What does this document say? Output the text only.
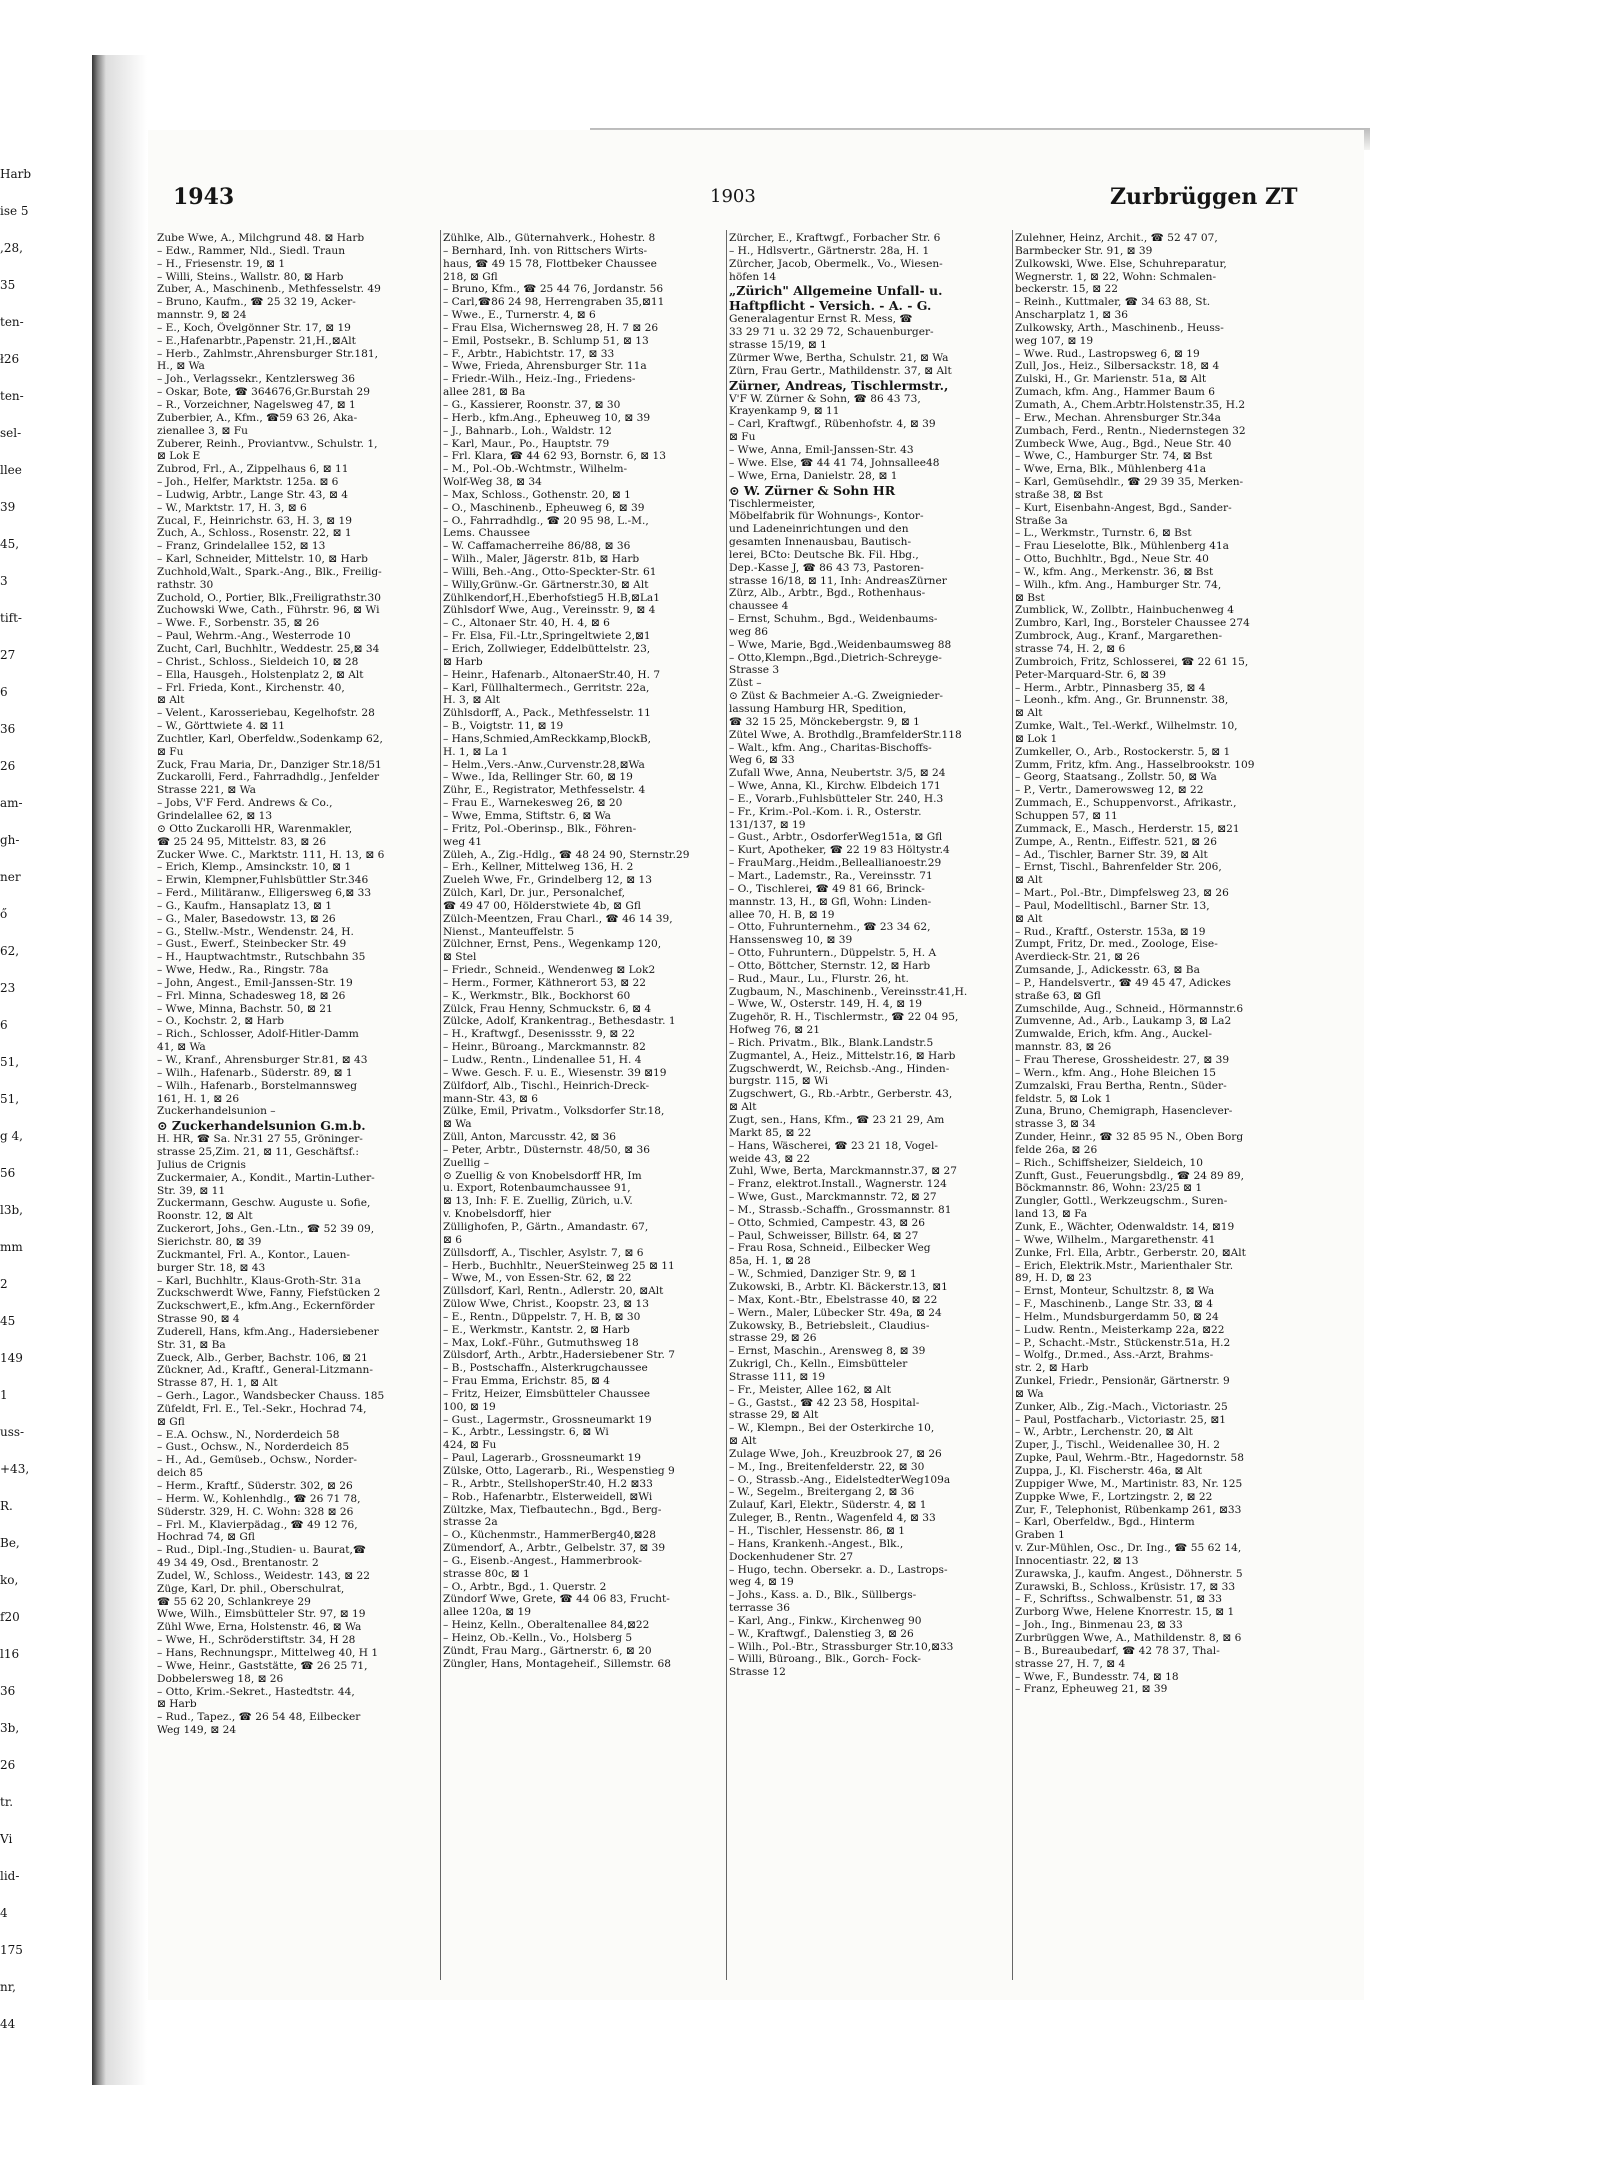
Harb
ise 5
,28,
35
ten-
ł26
ten-
sel-
llee
39
45,
3
tift-
27
6
36
26
am-
gh-
ner
ő
62,
23
6
51,
51,
g 4,
56
l3b,
mm
2
45
149
1
uss-
+43,
R.
Be,
ko,
f20
l16
36
3b,
26
tr.
Vi
lid-
4
175
nr,
44
1943	1903	Zurbrüggen ZT
Zube Wwe, A., Milchgrund 48. ⊠ Harb
– Edw., Rammer, Nld., Siedl. Traun
– H., Friesenstr. 19, ⊠ 1
– Willi, Steins., Wallstr. 80, ⊠ Harb
Zuber, A., Maschinenb., Methfesselstr. 49
– Bruno, Kaufm., ☎ 25 32 19, Acker-
mannstr. 9, ⊠ 24
– E., Koch, Övelgönner Str. 17, ⊠ 19
– E.,Hafenarbtr.,Papenstr. 21,H.,⊠Alt
– Herb., Zahlmstr.,Ahrensburger Str.181,
H., ⊠ Wa
– Joh., Verlagssekr., Kentzlersweg 36
– Oskar, Bote, ☎ 364676,Gr.Burstah 29
– R., Vorzeichner, Nagelsweg 47, ⊠ 1
Zuberbier, A., Kfm., ☎59 63 26, Aka-
zienallee 3, ⊠ Fu
Zuberer, Reinh., Proviantvw., Schulstr. 1,
⊠ Lok E
Zubrod, Frl., A., Zippelhaus 6, ⊠ 11
– Joh., Helfer, Marktstr. 125a. ⊠ 6
– Ludwig, Arbtr., Lange Str. 43, ⊠ 4
– W., Marktstr. 17, H. 3, ⊠ 6
Zucal, F., Heinrichstr. 63, H. 3, ⊠ 19
Zuch, A., Schloss., Rosenstr. 22, ⊠ 1
– Franz, Grindelallee 152, ⊠ 13
– Karl, Schneider, Mittelstr. 10, ⊠ Harb
Zuchhold,Walt., Spark.-Ang., Blk., Freilig-
rathstr. 30
Zuchold, O., Portier, Blk.,Freiligrathstr.30
Zuchowski Wwe, Cath., Führstr. 96, ⊠ Wi
– Wwe. F., Sorbenstr. 35, ⊠ 26
– Paul, Wehrm.-Ang., Westerrode 10
Zucht, Carl, Buchhltr., Weddestr. 25,⊠ 34
– Christ., Schloss., Sieldeich 10, ⊠ 28
– Ella, Hausgeh., Holstenplatz 2, ⊠ Alt
– Frl. Frieda, Kont., Kirchenstr. 40,
⊠ Alt
– Velent., Karosseriebau, Kegelhofstr. 28
– W., Görttwiete 4. ⊠ 11
Zuchtler, Karl, Oberfeldw.,Sodenkamp 62,
⊠ Fu
Zuck, Frau Maria, Dr., Danziger Str.18/51
Zuckarolli, Ferd., Fahrradhdlg., Jenfelder
Strasse 221, ⊠ Wa
– Jobs, V'F Ferd. Andrews & Co.,
Grindelallee 62, ⊠ 13
⊙ Otto Zuckarolli HR, Warenmakler,
☎ 25 24 95, Mittelstr. 83, ⊠ 26
Zucker Wwe. C., Marktstr. 111, H. 13, ⊠ 6
– Erich, Klemp., Amsinckstr. 10, ⊠ 1
– Erwin, Klempner,Fuhlsbüttler Str.346
– Ferd., Militäranw., Elligersweg 6,⊠ 33
– G., Kaufm., Hansaplatz 13, ⊠ 1
– G., Maler, Basedowstr. 13, ⊠ 26
– G., Stellw.-Mstr., Wendenstr. 24, H.
– Gust., Ewerf., Steinbecker Str. 49
– H., Hauptwachtmstr., Rutschbahn 35
– Wwe, Hedw., Ra., Ringstr. 78a
– John, Angest., Emil-Janssen-Str. 19
– Frl. Minna, Schadesweg 18, ⊠ 26
– Wwe, Minna, Bachstr. 50, ⊠ 21
– O., Kochstr. 2, ⊠ Harb
– Rich., Schlosser, Adolf-Hitler-Damm
41, ⊠ Wa
– W., Kranf., Ahrensburger Str.81, ⊠ 43
– Wilh., Hafenarb., Süderstr. 89, ⊠ 1
– Wilh., Hafenarb., Borstelmannsweg
161, H. 1, ⊠ 26
Zuckerhandelsunion –
⊙ Zuckerhandelsunion G.m.b.
H. HR, ☎ Sa. Nr.31 27 55, Gröninger-
strasse 25,Zim. 21, ⊠ 11, Geschäftsf.:
Julius de Crignis
Zuckermaier, A., Kondit., Martin-Luther-
Str. 39, ⊠ 11
Zuckermann, Geschw. Auguste u. Sofie,
Roonstr. 12, ⊠ Alt
Zuckerort, Johs., Gen.-Ltn., ☎ 52 39 09,
Sierichstr. 80, ⊠ 39
Zuckmantel, Frl. A., Kontor., Lauen-
burger Str. 18, ⊠ 43
– Karl, Buchhltr., Klaus-Groth-Str. 31a
Zuckschwerdt Wwe, Fanny, Fiefstücken 2
Zuckschwert,E., kfm.Ang., Eckernförder
Strasse 90, ⊠ 4
Zuderell, Hans, kfm.Ang., Hadersiebener
Str. 31, ⊠ Ba
Zueck, Alb., Gerber, Bachstr. 106, ⊠ 21
Zückner, Ad., Kraftf., General-Litzmann-
Strasse 87, H. 1, ⊠ Alt
– Gerh., Lagor., Wandsbecker Chauss. 185
Züfeldt, Frl. E., Tel.-Sekr., Hochrad 74,
⊠ Gfl
– E.A. Ochsw., N., Norderdeich 58
– Gust., Ochsw., N., Norderdeich 85
– H., Ad., Gemüseb., Ochsw., Norder-
deich 85
– Herm., Kraftf., Süderstr. 302, ⊠ 26
– Herm. W., Kohlenhdlg., ☎ 26 71 78,
Süderstr. 329, H. C. Wohn: 328 ⊠ 26
– Frl. M., Klavierpädag., ☎ 49 12 76,
Hochrad 74, ⊠ Gfl
– Rud., Dipl.-Ing.,Studien- u. Baurat,☎
49 34 49, Osd., Brentanostr. 2
Zudel, W., Schloss., Weidestr. 143, ⊠ 22
Züge, Karl, Dr. phil., Oberschulrat,
☎ 55 62 20, Schlankreye 29
Wwe, Wilh., Eimsbütteler Str. 97, ⊠ 19
Zühl Wwe, Erna, Holstenstr. 46, ⊠ Wa
– Wwe, H., Schröderstiftstr. 34, H 28
– Hans, Rechnungspr., Mittelweg 40, H 1
– Wwe, Heinr., Gaststätte, ☎ 26 25 71,
Dobbelersweg 18, ⊠ 26
– Otto, Krim.-Sekret., Hastedtstr. 44,
⊠ Harb
– Rud., Tapez., ☎ 26 54 48, Eilbecker
Weg 149, ⊠ 24
Zühlke, Alb., Güternahverk., Hohestr. 8
– Bernhard, Inh. von Rittschers Wirts-
haus, ☎ 49 15 78, Flottbeker Chaussee
218, ⊠ Gfl
– Bruno, Kfm., ☎ 25 44 76, Jordanstr. 56
– Carl,☎86 24 98, Herrengraben 35,⊠11
– Wwe., E., Turnerstr. 4, ⊠ 6
– Frau Elsa, Wichernsweg 28, H. 7 ⊠ 26
– Emil, Postsekr., B. Schlump 51, ⊠ 13
– F., Arbtr., Habichtstr. 17, ⊠ 33
– Wwe, Frieda, Ahrensburger Str. 11a
– Friedr.-Wilh., Heiz.-Ing., Friedens-
allee 281, ⊠ Ba
– G., Kassierer, Roonstr. 37, ⊠ 30
– Herb., kfm.Ang., Epheuweg 10, ⊠ 39
– J., Bahnarb., Loh., Waldstr. 12
– Karl, Maur., Po., Hauptstr. 79
– Frl. Klara, ☎ 44 62 93, Bornstr. 6, ⊠ 13
– M., Pol.-Ob.-Wchtmstr., Wilhelm-
Wolf-Weg 38, ⊠ 34
– Max, Schloss., Gothenstr. 20, ⊠ 1
– O., Maschinenb., Epheuweg 6, ⊠ 39
– O., Fahrradhdlg., ☎ 20 95 98, L.-M.,
Lems. Chaussee
– W. Caffamacherreihe 86/88, ⊠ 36
– Wilh., Maler, Jägerstr. 81b, ⊠ Harb
– Willi, Beh.-Ang., Otto-Speckter-Str. 61
– Willy,Grünw.-Gr. Gärtnerstr.30, ⊠ Alt
Zühlkendorf,H.,Eberhofstieg5 H.B,⊠La1
Zühlsdorf Wwe, Aug., Vereinsstr. 9, ⊠ 4
– C., Altonaer Str. 40, H. 4, ⊠ 6
– Fr. Elsa, Fil.-Ltr.,Springeltwiete 2,⊠1
– Erich, Zollwieger, Eddelbüttelstr. 23,
⊠ Harb
– Heinr., Hafenarb., AltonaerStr.40, H. 7
– Karl, Füllhaltermech., Gerritstr. 22a,
H. 3, ⊠ Alt
Zühlsdorff, A., Pack., Methfesselstr. 11
– B., Voigtstr. 11, ⊠ 19
– Hans,Schmied,AmReckkamp,BlockB,
H. 1, ⊠ La 1
– Helm.,Vers.-Anw.,Curvenstr.28,⊠Wa
– Wwe., Ida, Rellinger Str. 60, ⊠ 19
Zühr, E., Registrator, Methfesselstr. 4
– Frau E., Warnekesweg 26, ⊠ 20
– Wwe, Emma, Stiftstr. 6, ⊠ Wa
– Fritz, Pol.-Oberinsp., Blk., Föhren-
weg 41
Züleh, A., Zig.-Hdlg., ☎ 48 24 90, Sternstr.29
– Erh., Kellner, Mittelweg 136, H. 2
Zueleh Wwe, Fr., Grindelberg 12, ⊠ 13
Zülch, Karl, Dr. jur., Personalchef,
☎ 49 47 00, Hölderstwiete 4b, ⊠ Gfl
Zülch-Meentzen, Frau Charl., ☎ 46 14 39,
Nienst., Manteuffelstr. 5
Zülchner, Ernst, Pens., Wegenkamp 120,
⊠ Stel
– Friedr., Schneid., Wendenweg ⊠ Lok2
– Herm., Former, Käthnerort 53, ⊠ 22
– K., Werkmstr., Blk., Bockhorst 60
Zülck, Frau Henny, Schmuckstr. 6, ⊠ 4
Zülcke, Adolf, Krankentrag., Bethesdastr. 1
– H., Kraftwgf., Desenissstr. 9, ⊠ 22
– Heinr., Büroang., Marckmannstr. 82
– Ludw., Rentn., Lindenallee 51, H. 4
– Wwe. Gesch. F. u. E., Wiesenstr. 39 ⊠19
Zülfdorf, Alb., Tischl., Heinrich-Dreck-
mann-Str. 43, ⊠ 6
Zülke, Emil, Privatm., Volksdorfer Str.18,
⊠ Wa
Züll, Anton, Marcusstr. 42, ⊠ 36
– Peter, Arbtr., Düsternstr. 48/50, ⊠ 36
Zuellig –
⊙ Zuellig & von Knobelsdorff HR, Im
u. Export, Rotenbaumchaussee 91,
⊠ 13, Inh: F. E. Zuellig, Zürich, u.V.
v. Knobelsdorff, hier
Züllighofen, P., Gärtn., Amandastr. 67,
⊠ 6
Züllsdorff, A., Tischler, Asylstr. 7, ⊠ 6
– Herb., Buchhltr., NeuerSteinweg 25 ⊠ 11
– Wwe, M., von Essen-Str. 62, ⊠ 22
Züllsdorf, Karl, Rentn., Adlerstr. 20, ⊠Alt
Zülow Wwe, Christ., Koopstr. 23, ⊠ 13
– E., Rentn., Düppelstr. 7, H. B, ⊠ 30
– E., Werkmstr., Kantstr. 2, ⊠ Harb
– Max, Lokf.-Führ., Gutmuthsweg 18
Zülsdorf, Arth., Arbtr.,Hadersiebener Str. 7
– B., Postschaffn., Alsterkrugchaussee
– Frau Emma, Erichstr. 85, ⊠ 4
– Fritz, Heizer, Eimsbütteler Chaussee
100, ⊠ 19
– Gust., Lagermstr., Grossneumarkt 19
– K., Arbtr., Lessingstr. 6, ⊠ Wi
424, ⊠ Fu
– Paul, Lagerarb., Grossneumarkt 19
Zülske, Otto, Lagerarb., Ri., Wespenstieg 9
– R., Arbtr., StellshoperStr.40, H.2 ⊠33
– Rob., Hafenarbtr., Elsterweidell, ⊠Wi
Zültzke, Max, Tiefbautechn., Bgd., Berg-
strasse 2a
– O., Küchenmstr., HammerBerg40,⊠28
Zümendorf, A., Arbtr., Gelbelstr. 37, ⊠ 39
– G., Eisenb.-Angest., Hammerbrook-
strasse 80c, ⊠ 1
– O., Arbtr., Bgd., 1. Querstr. 2
Zündorf Wwe, Grete, ☎ 44 06 83, Frucht-
allee 120a, ⊠ 19
– Heinz, Kelln., Oberaltenallee 84,⊠22
– Heinz, Ob.-Kelln., Vo., Holsberg 5
Zündt, Frau Marg., Gärtnerstr. 6, ⊠ 20
Züngler, Hans, Montageheif., Sillemstr. 68
Zürcher, E., Kraftwgf., Forbacher Str. 6
– H., Hdlsvertr., Gärtnerstr. 28a, H. 1
Zürcher, Jacob, Obermelk., Vo., Wiesen-
höfen 14
„Zürich" Allgemeine Unfall- u.
Haftpflicht - Versich. - A. - G.
Generalagentur Ernst R. Mess, ☎
33 29 71 u. 32 29 72, Schauenburger-
strasse 15/19, ⊠ 1
Zürmer Wwe, Bertha, Schulstr. 21, ⊠ Wa
Zürn, Frau Gertr., Mathildenstr. 37, ⊠ Alt
Zürner, Andreas, Tischlermstr.,
V'F W. Zürner & Sohn, ☎ 86 43 73,
Krayenkamp 9, ⊠ 11
– Carl, Kraftwgf., Rübenhofstr. 4, ⊠ 39
⊠ Fu
– Wwe, Anna, Emil-Janssen-Str. 43
– Wwe. Else, ☎ 44 41 74, Johnsallee48
– Wwe, Erna, Danielstr. 28, ⊠ 1
⊙ W. Zürner & Sohn HR
Tischlermeister,
Möbelfabrik für Wohnungs-, Kontor-
und Ladeneinrichtungen und den
gesamten Innenausbau, Bautisch-
lerei, BCto: Deutsche Bk. Fil. Hbg.,
Dep.-Kasse J, ☎ 86 43 73, Pastoren-
strasse 16/18, ⊠ 11, Inh: AndreasZürner
Zürz, Alb., Arbtr., Bgd., Rothenhaus-
chaussee 4
– Ernst, Schuhm., Bgd., Weidenbaums-
weg 86
– Wwe, Marie, Bgd.,Weidenbaumsweg 88
– Otto,Klempn.,Bgd.,Dietrich-Schreyge-
Strasse 3
Züst –
⊙ Züst & Bachmeier A.-G. Zweignieder-
lassung Hamburg HR, Spedition,
☎ 32 15 25, Mönckebergstr. 9, ⊠ 1
Zütel Wwe, A. Brothdlg.,BramfelderStr.118
– Walt., kfm. Ang., Charitas-Bischoffs-
Weg 6, ⊠ 33
Zufall Wwe, Anna, Neubertstr. 3/5, ⊠ 24
– Wwe, Anna, Kl., Kirchw. Elbdeich 171
– E., Vorarb.,Fuhlsbütteler Str. 240, H.3
– Fr., Krim.-Pol.-Kom. i. R., Osterstr.
131/137, ⊠ 19
– Gust., Arbtr., OsdorferWeg151a, ⊠ Gfl
– Kurt, Apotheker, ☎ 22 19 83 Höltystr.4
– FrauMarg.,Heidm.,Belleallianoestr.29
– Mart., Lademstr., Ra., Vereinsstr. 71
– O., Tischlerei, ☎ 49 81 66, Brinck-
mannstr. 13, H., ⊠ Gfl, Wohn: Linden-
allee 70, H. B, ⊠ 19
– Otto, Fuhrunternehm., ☎ 23 34 62,
Hanssensweg 10, ⊠ 39
– Otto, Fuhruntern., Düppelstr. 5, H. A
– Otto, Böttcher, Sternstr. 12, ⊠ Harb
– Rud., Maur., Lu., Flurstr. 26, ht.
Zugbaum, N., Maschinenb., Vereinsstr.41,H.
– Wwe, W., Osterstr. 149, H. 4, ⊠ 19
Zugehör, R. H., Tischlermstr., ☎ 22 04 95,
Hofweg 76, ⊠ 21
– Rich. Privatm., Blk., Blank.Landstr.5
Zugmantel, A., Heiz., Mittelstr.16, ⊠ Harb
Zugschwerdt, W., Reichsb.-Ang., Hinden-
burgstr. 115, ⊠ Wi
Zugschwert, G., Rb.-Arbtr., Gerberstr. 43,
⊠ Alt
Zugt, sen., Hans, Kfm., ☎ 23 21 29, Am
Markt 85, ⊠ 22
– Hans, Wäscherei, ☎ 23 21 18, Vogel-
weide 43, ⊠ 22
Zuhl, Wwe, Berta, Marckmannstr.37, ⊠ 27
– Franz, elektrot.Install., Wagnerstr. 124
– Wwe, Gust., Marckmannstr. 72, ⊠ 27
– M., Strassb.-Schaffn., Grossmannstr. 81
– Otto, Schmied, Campestr. 43, ⊠ 26
– Paul, Schweisser, Billstr. 64, ⊠ 27
– Frau Rosa, Schneid., Eilbecker Weg
85a, H. 1, ⊠ 28
– W., Schmied, Danziger Str. 9, ⊠ 1
Zukowski, B., Arbtr. Kl. Bäckerstr.13, ⊠1
– Max, Kont.-Btr., Ebelstrasse 40, ⊠ 22
– Wern., Maler, Lübecker Str. 49a, ⊠ 24
Zukowsky, B., Betriebsleit., Claudius-
strasse 29, ⊠ 26
– Ernst, Maschin., Arensweg 8, ⊠ 39
Zukrigl, Ch., Kelln., Eimsbütteler
Strasse 111, ⊠ 19
– Fr., Meister, Allee 162, ⊠ Alt
– G., Gastst., ☎ 42 23 58, Hospital-
strasse 29, ⊠ Alt
– W., Klempn., Bei der Osterkirche 10,
⊠ Alt
Zulage Wwe, Joh., Kreuzbrook 27, ⊠ 26
– M., Ing., Breitenfelderstr. 22, ⊠ 30
– O., Strassb.-Ang., EidelstedterWeg109a
– W., Segelm., Breitergang 2, ⊠ 36
Zulauf, Karl, Elektr., Süderstr. 4, ⊠ 1
Zuleger, B., Rentn., Wagenfeld 4, ⊠ 33
– H., Tischler, Hessenstr. 86, ⊠ 1
– Hans, Krankenh.-Angest., Blk.,
Dockenhudener Str. 27
– Hugo, techn. Obersekr. a. D., Lastrops-
weg 4, ⊠ 19
– Johs., Kass. a. D., Blk., Süllbergs-
terrasse 36
– Karl, Ang., Finkw., Kirchenweg 90
– W., Kraftwgf., Dalenstieg 3, ⊠ 26
– Wilh., Pol.-Btr., Strassburger Str.10,⊠33
– Willi, Büroang., Blk., Gorch- Fock-
Strasse 12
Zulehner, Heinz, Archit., ☎ 52 47 07,
Barmbecker Str. 91, ⊠ 39
Zulkowski, Wwe. Else, Schuhreparatur,
Wegnerstr. 1, ⊠ 22, Wohn: Schmalen-
beckerstr. 15, ⊠ 22
– Reinh., Kuttmaler, ☎ 34 63 88, St.
Anscharplatz 1, ⊠ 36
Zulkowsky, Arth., Maschinenb., Heuss-
weg 107, ⊠ 19
– Wwe. Rud., Lastropsweg 6, ⊠ 19
Zull, Jos., Heiz., Silbersackstr. 18, ⊠ 4
Zulski, H., Gr. Marienstr. 51a, ⊠ Alt
Zumach, kfm. Ang., Hammer Baum 6
Zumath, A., Chem.Arbtr.Holstenstr.35, H.2
– Erw., Mechan. Ahrensburger Str.34a
Zumbach, Ferd., Rentn., Niedernstegen 32
Zumbeck Wwe, Aug., Bgd., Neue Str. 40
– Wwe, C., Hamburger Str. 74, ⊠ Bst
– Wwe, Erna, Blk., Mühlenberg 41a
– Karl, Gemüsehdlr., ☎ 29 39 35, Merken-
straße 38, ⊠ Bst
– Kurt, Eisenbahn-Angest, Bgd., Sander-
Straße 3a
– L., Werkmstr., Turnstr. 6, ⊠ Bst
– Frau Lieselotte, Blk., Mühlenberg 41a
– Otto, Buchhltr., Bgd., Neue Str. 40
– W., kfm. Ang., Merkenstr. 36, ⊠ Bst
– Wilh., kfm. Ang., Hamburger Str. 74,
⊠ Bst
Zumblick, W., Zollbtr., Hainbuchenweg 4
Zumbro, Karl, Ing., Borsteler Chaussee 274
Zumbrock, Aug., Kranf., Margarethen-
strasse 74, H. 2, ⊠ 6
Zumbroich, Fritz, Schlosserei, ☎ 22 61 15,
Peter-Marquard-Str. 6, ⊠ 39
– Herm., Arbtr., Pinnasberg 35, ⊠ 4
– Leonh., kfm. Ang., Gr. Brunnenstr. 38,
⊠ Alt
Zumke, Walt., Tel.-Werkf., Wilhelmstr. 10,
⊠ Lok 1
Zumkeller, O., Arb., Rostockerstr. 5, ⊠ 1
Zumm, Fritz, kfm. Ang., Hasselbrookstr. 109
– Georg, Staatsang., Zollstr. 50, ⊠ Wa
– P., Vertr., Damerowsweg 12, ⊠ 22
Zummach, E., Schuppenvorst., Afrikastr.,
Schuppen 57, ⊠ 11
Zummack, E., Masch., Herderstr. 15, ⊠21
Zumpe, A., Rentn., Eiffestr. 521, ⊠ 26
– Ad., Tischler, Barner Str. 39, ⊠ Alt
– Ernst, Tischl., Bahrenfelder Str. 206,
⊠ Alt
– Mart., Pol.-Btr., Dimpfelsweg 23, ⊠ 26
– Paul, Modelltischl., Barner Str. 13,
⊠ Alt
– Rud., Kraftf., Osterstr. 153a, ⊠ 19
Zumpt, Fritz, Dr. med., Zoologe, Eise-
Averdieck-Str. 21, ⊠ 26
Zumsande, J., Adickesstr. 63, ⊠ Ba
– P., Handelsvertr., ☎ 49 45 47, Adickes
straße 63, ⊠ Gfl
Zumschilde, Aug., Schneid., Hörmannstr.6
Zumvenne, Ad., Arb., Laukamp 3, ⊠ La2
Zumwalde, Erich, kfm. Ang., Auckel-
mannstr. 83, ⊠ 26
– Frau Therese, Grossheidestr. 27, ⊠ 39
– Wern., kfm. Ang., Hohe Bleichen 15
Zumzalski, Frau Bertha, Rentn., Süder-
feldstr. 5, ⊠ Lok 1
Zuna, Bruno, Chemigraph, Hasenclever-
strasse 3, ⊠ 34
Zunder, Heinr., ☎ 32 85 95 N., Oben Borg
felde 26a, ⊠ 26
– Rich., Schiffsheizer, Sieldeich, 10
Zunft, Gust., Feuerungsbdlg., ☎ 24 89 89,
Böckmannstr. 86, Wohn: 23/25 ⊠ 1
Zungler, Gottl., Werkzeugschm., Suren-
land 13, ⊠ Fa
Zunk, E., Wächter, Odenwaldstr. 14, ⊠19
– Wwe, Wilhelm., Margarethenstr. 41
Zunke, Frl. Ella, Arbtr., Gerberstr. 20, ⊠Alt
– Erich, Elektrik.Mstr., Marienthaler Str.
89, H. D, ⊠ 23
– Ernst, Monteur, Schultzstr. 8, ⊠ Wa
– F., Maschinenb., Lange Str. 33, ⊠ 4
– Helm., Mundsburgerdamm 50, ⊠ 24
– Ludw. Rentn., Meisterkamp 22a, ⊠22
– P., Schacht.-Mstr., Stückenstr.51a, H.2
– Wolfg., Dr.med., Ass.-Arzt, Brahms-
str. 2, ⊠ Harb
Zunkel, Friedr., Pensionär, Gärtnerstr. 9
⊠ Wa
Zunker, Alb., Zig.-Mach., Victoriastr. 25
– Paul, Postfacharb., Victoriastr. 25, ⊠1
– W., Arbtr., Lerchenstr. 20, ⊠ Alt
Zuper, J., Tischl., Weidenallee 30, H. 2
Zupke, Paul, Wehrm.-Btr., Hagedornstr. 58
Zuppa, J., Kl. Fischerstr. 46a, ⊠ Alt
Zuppiger Wwe, M., Martinistr. 83, Nr. 125
Zuppke Wwe, F., Lortzingstr. 2, ⊠ 22
Zur, F., Telephonist, Rübenkamp 261, ⊠33
– Karl, Oberfeldw., Bgd., Hinterm
Graben 1
v. Zur-Mühlen, Osc., Dr. Ing., ☎ 55 62 14,
Innocentiastr. 22, ⊠ 13
Zurawska, J., kaufm. Angest., Döhnerstr. 5
Zurawski, B., Schloss., Krüsistr. 17, ⊠ 33
– F., Schriftss., Schwalbenstr. 51, ⊠ 33
Zurborg Wwe, Helene Knorrestr. 15, ⊠ 1
– Joh., Ing., Binmenau 23, ⊠ 33
Zurbrüggen Wwe, A., Mathildenstr. 8, ⊠ 6
– B., Bureaubedarf, ☎ 42 78 37, Thal-
strasse 27, H. 7, ⊠ 4
– Wwe, F., Bundesstr. 74, ⊠ 18
– Franz, Epheuweg 21, ⊠ 39
